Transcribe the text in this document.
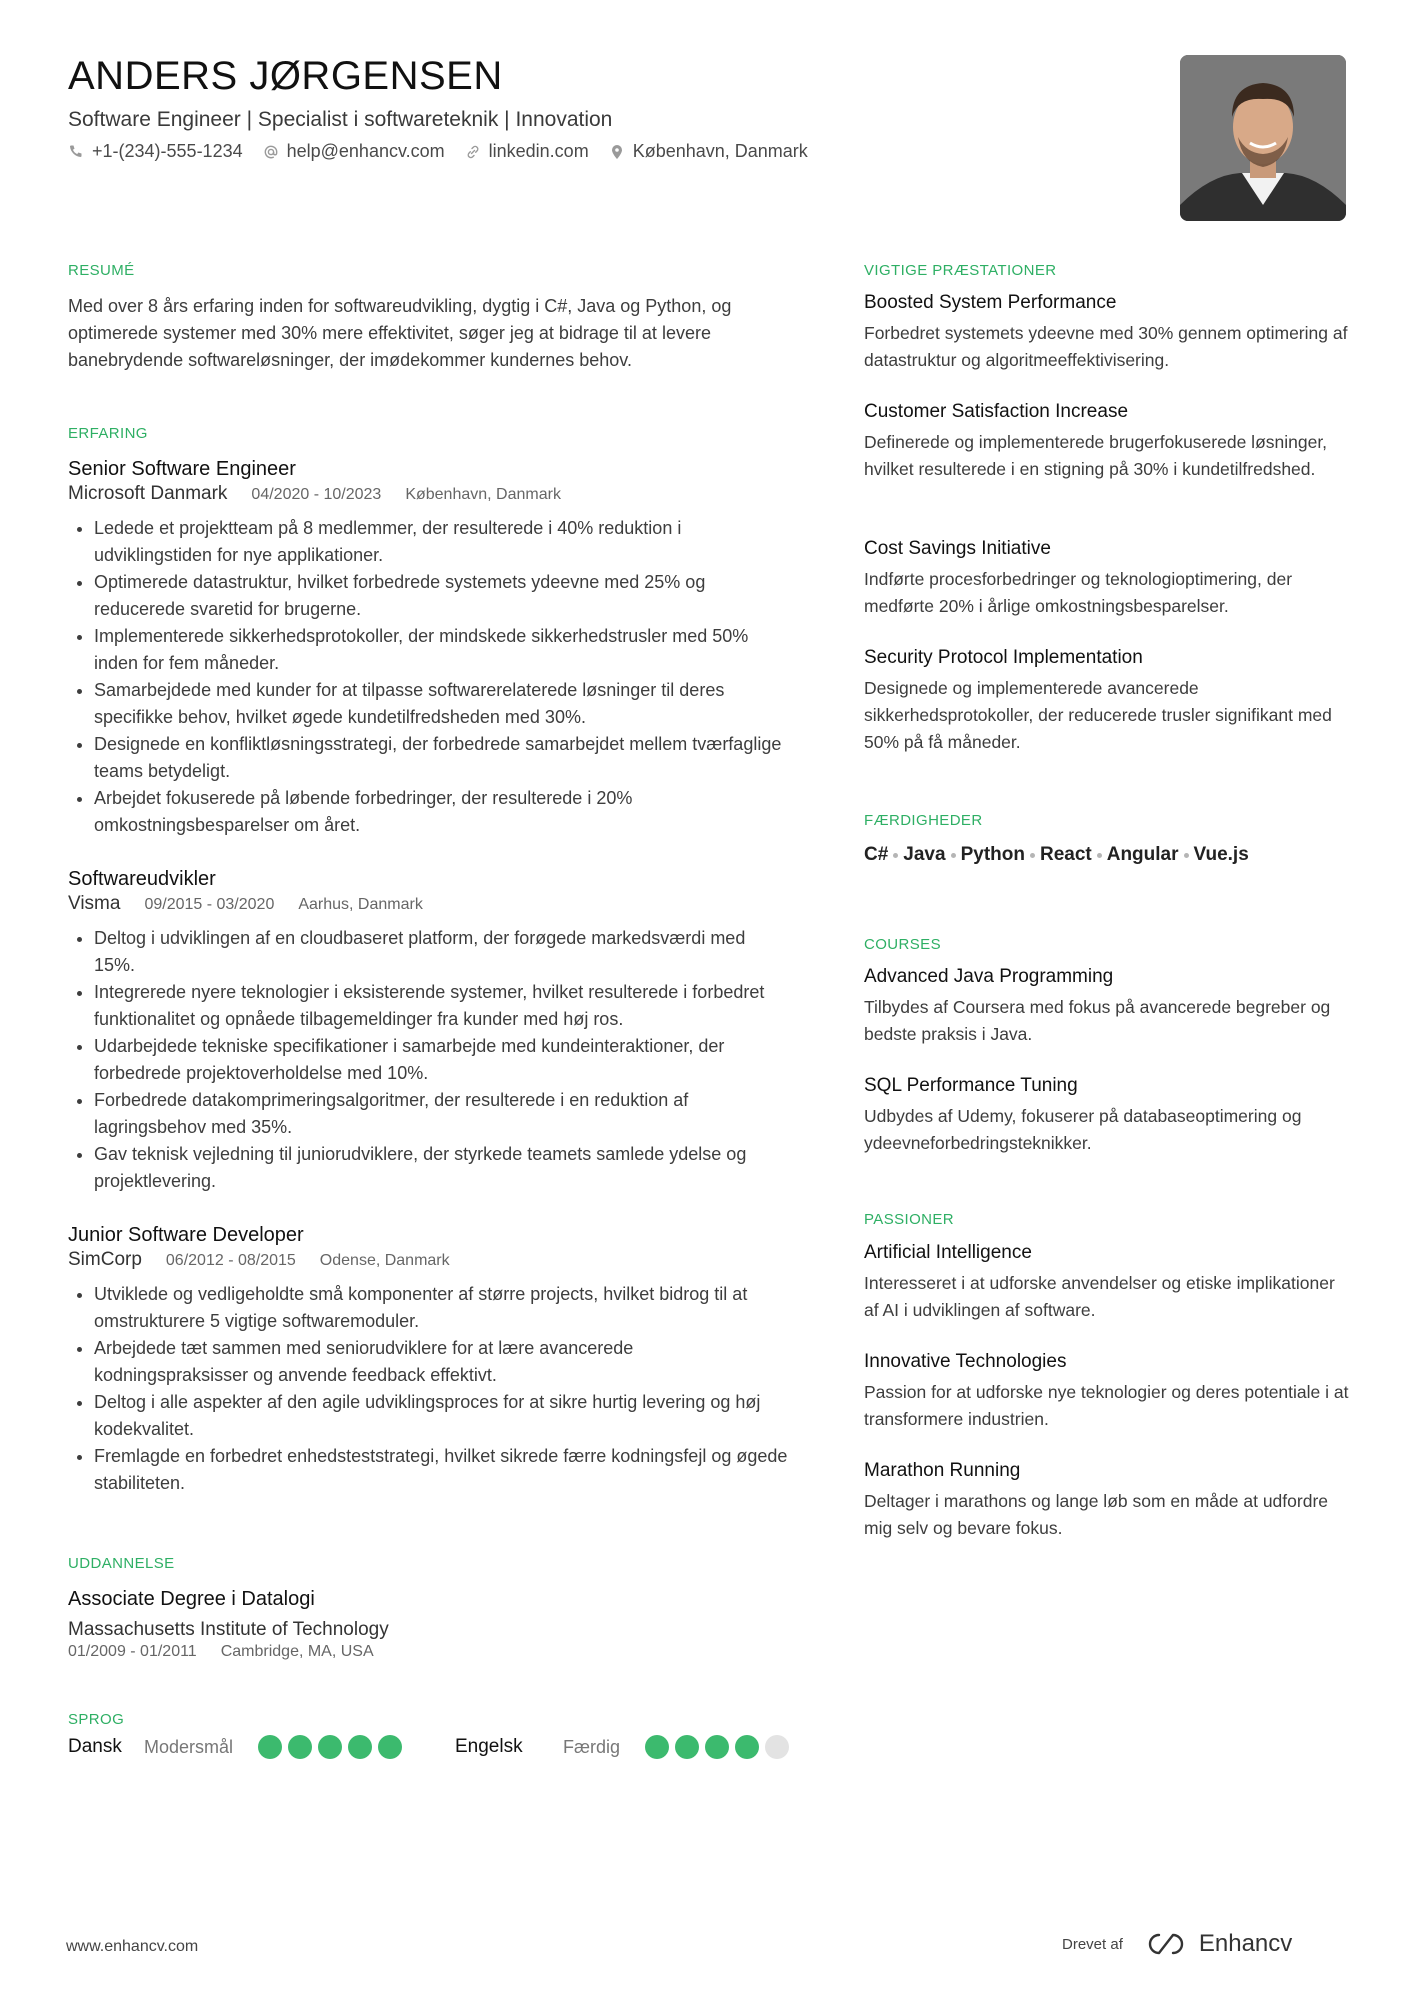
ANDERS JØRGENSEN
Software Engineer | Specialist i softwareteknik | Innovation
+1-(234)-555-1234 help@enhancv.com linkedin.com København, Danmark
RESUMÉ
Med over 8 års erfaring inden for softwareudvikling, dygtig i C#, Java og Python, og optimerede systemer med 30% mere effektivitet, søger jeg at bidrage til at levere banebrydende softwareløsninger, der imødekommer kundernes behov.
ERFARING
Senior Software Engineer
Microsoft Danmark 04/2020 - 10/2023 København, Danmark
• Ledede et projektteam på 8 medlemmer, der resulterede i 40% reduktion i udviklingstiden for nye applikationer.
• Optimerede datastruktur, hvilket forbedrede systemets ydeevne med 25% og reducerede svaretid for brugerne.
• Implementerede sikkerhedsprotokoller, der mindskede sikkerhedstrusler med 50% inden for fem måneder.
• Samarbejdede med kunder for at tilpasse softwarerelaterede løsninger til deres specifikke behov, hvilket øgede kundetilfredsheden med 30%.
• Designede en konfliktløsningsstrategi, der forbedrede samarbejdet mellem tværfaglige teams betydeligt.
• Arbejdet fokuserede på løbende forbedringer, der resulterede i 20% omkostningsbesparelser om året.
Softwareudvikler
Visma 09/2015 - 03/2020 Aarhus, Danmark
• Deltog i udviklingen af en cloudbaseret platform, der forøgede markedsværdi med 15%.
• Integrerede nyere teknologier i eksisterende systemer, hvilket resulterede i forbedret funktionalitet og opnåede tilbagemeldinger fra kunder med høj ros.
• Udarbejdede tekniske specifikationer i samarbejde med kundeinteraktioner, der forbedrede projektoverholdelse med 10%.
• Forbedrede datakomprimeringsalgoritmer, der resulterede i en reduktion af lagringsbehov med 35%.
• Gav teknisk vejledning til juniorudviklere, der styrkede teamets samlede ydelse og projektlevering.
Junior Software Developer
SimCorp 06/2012 - 08/2015 Odense, Danmark
• Utviklede og vedligeholdte små komponenter af større projects, hvilket bidrog til at omstrukturere 5 vigtige softwaremoduler.
• Arbejdede tæt sammen med seniorudviklere for at lære avancerede kodningspraksisser og anvende feedback effektivt.
• Deltog i alle aspekter af den agile udviklingsproces for at sikre hurtig levering og høj kodekvalitet.
• Fremlagde en forbedret enhedsteststrategi, hvilket sikrede færre kodningsfejl og øgede stabiliteten.
UDDANNELSE
Associate Degree i Datalogi
Massachusetts Institute of Technology
01/2009 - 01/2011 Cambridge, MA, USA
SPROG
Dansk	Modersmål	Engelsk	Færdig
VIGTIGE PRÆSTATIONER
Boosted System Performance
Forbedret systemets ydeevne med 30% gennem optimering af datastruktur og algoritmeeffektivisering.
Customer Satisfaction Increase
Definerede og implementerede brugerfokuserede løsninger, hvilket resulterede i en stigning på 30% i kundetilfredshed.
Cost Savings Initiative
Indførte procesforbedringer og teknologioptimering, der medførte 20% i årlige omkostningsbesparelser.
Security Protocol Implementation
Designede og implementerede avancerede sikkerhedsprotokoller, der reducerede trusler signifikant med 50% på få måneder.
FÆRDIGHEDER
C# Java Python React Angular Vue.js
COURSES
Advanced Java Programming
Tilbydes af Coursera med fokus på avancerede begreber og bedste praksis i Java.
SQL Performance Tuning
Udbydes af Udemy, fokuserer på databaseoptimering og ydeevneforbedringsteknikker.
PASSIONER
Artificial Intelligence
Interesseret i at udforske anvendelser og etiske implikationer af AI i udviklingen af software.
Innovative Technologies
Passion for at udforske nye teknologier og deres potentiale i at transformere industrien.
Marathon Running
Deltager i marathons og lange løb som en måde at udfordre mig selv og bevare fokus.
www.enhancv.com	Drevet af	Enhancv
